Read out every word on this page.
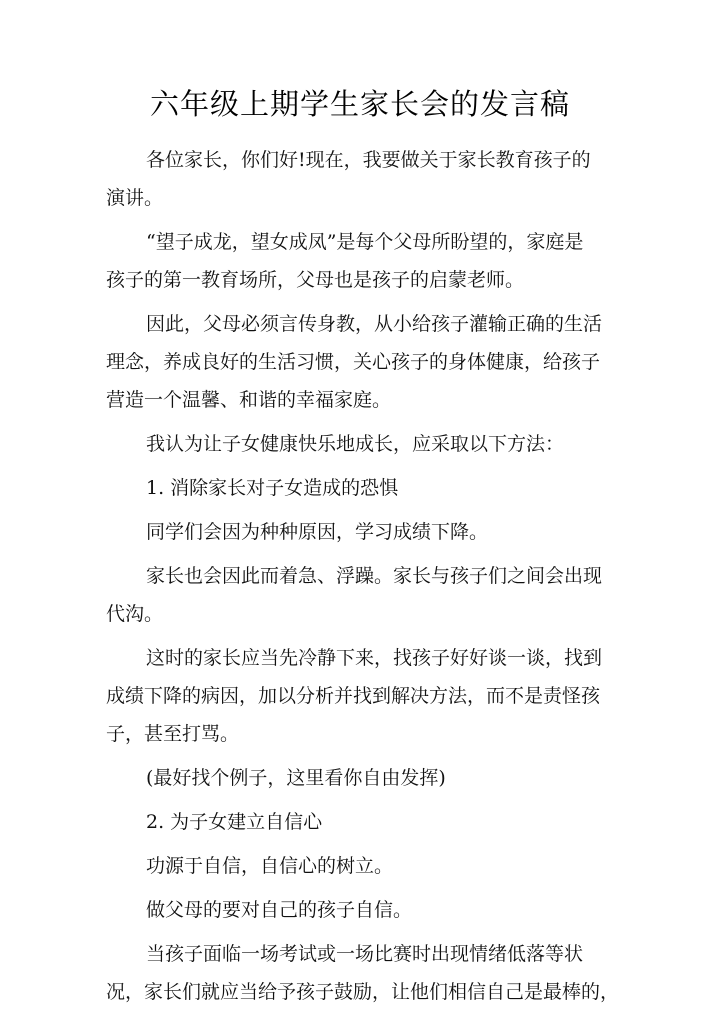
六年级上期学生家长会的发言稿
各位家长，你们好!现在，我要做关于家长教育孩子的
演讲。
“望子成龙，望女成凤”是每个父母所盼望的，家庭是
孩子的第一教育场所，父母也是孩子的启蒙老师。
因此，父母必须言传身教，从小给孩子灌输正确的生活
理念，养成良好的生活习惯，关心孩子的身体健康，给孩子
营造一个温馨、和谐的幸福家庭。
我认为让子女健康快乐地成长，应采取以下方法：
1. 消除家长对子女造成的恐惧
同学们会因为种种原因，学习成绩下降。
家长也会因此而着急、浮躁。家长与孩子们之间会出现
代沟。
这时的家长应当先冷静下来，找孩子好好谈一谈，找到
成绩下降的病因，加以分析并找到解决方法，而不是责怪孩
子，甚至打骂。
(最好找个例子，这里看你自由发挥)
2. 为子女建立自信心
功源于自信，自信心的树立。
做父母的要对自己的孩子自信。
当孩子面临一场考试或一场比赛时出现情绪低落等状
况，家长们就应当给予孩子鼓励，让他们相信自己是最棒的，
